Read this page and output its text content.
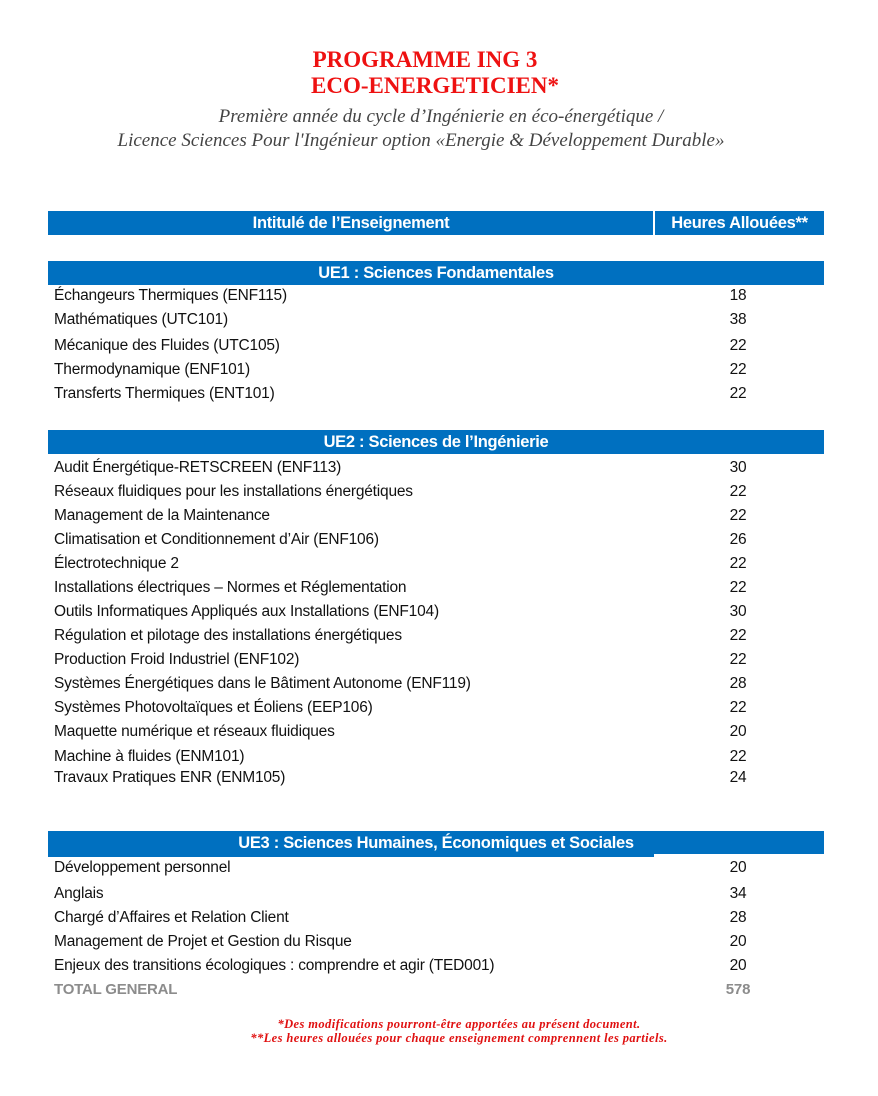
PROGRAMME ING 3
ECO-ENERGETICIEN*
Première année du cycle d’Ingénierie en éco-énergétique /
Licence Sciences Pour l'Ingénieur option «Energie & Développement Durable»
Intitulé de l’Enseignement	Heures Allouées**
UE1 : Sciences Fondamentales
Échangeurs Thermiques (ENF115)	18
Mathématiques (UTC101)	38
Mécanique des Fluides (UTC105)	22
Thermodynamique (ENF101)	22
Transferts Thermiques (ENT101)	22
UE2 : Sciences de l’Ingénierie
Audit Énergétique-RETSCREEN (ENF113)	30
Réseaux fluidiques pour les installations énergétiques	22
Management de la Maintenance	22
Climatisation et Conditionnement d’Air (ENF106)	26
Électrotechnique 2	22
Installations électriques – Normes et Réglementation	22
Outils Informatiques Appliqués aux Installations (ENF104)	30
Régulation et pilotage des installations énergétiques	22
Production Froid Industriel (ENF102)	22
Systèmes Énergétiques dans le Bâtiment Autonome (ENF119)	28
Systèmes Photovoltaïques et Éoliens (EEP106)	22
Maquette numérique et réseaux fluidiques	20
Machine à fluides (ENM101)	22
Travaux Pratiques ENR (ENM105)	24
UE3 : Sciences Humaines, Économiques et Sociales
Développement personnel	20
Anglais	34
Chargé d’Affaires et Relation Client	28
Management de Projet et Gestion du Risque	20
Enjeux des transitions écologiques : comprendre et agir (TED001)	20
TOTAL GENERAL	578
*Des modifications pourront-être apportées au présent document.
**Les heures allouées pour chaque enseignement comprennent les partiels.
